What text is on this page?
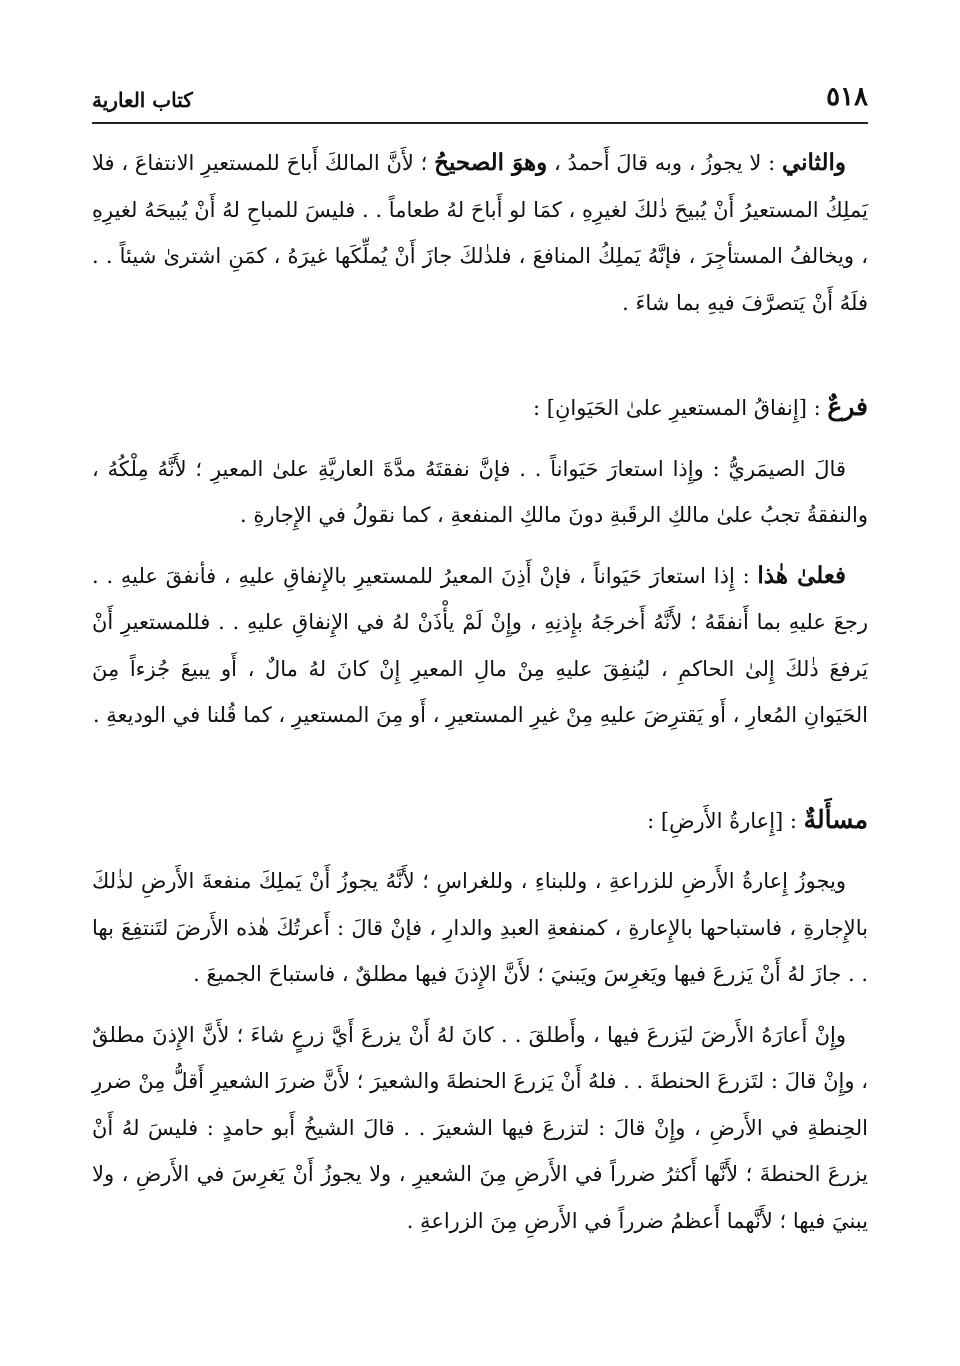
٥١٨
كتاب العارية

والثاني : لا يجوزُ ، وبه قالَ أَحمدُ ، وهوَ الصحيحُ ؛ لأَنَّ المالكَ أَباحَ للمستعيرِ الانتفاعَ ، فلا يَملِكُ المستعيرُ أَنْ يُبيحَ ذٰلكَ لغيرِهِ ، كمَا لو أَباحَ لهُ طعاماً . . فليسَ للمباحِ لهُ أَنْ يُبيحَهُ لغيرِهِ ، ويخالفُ المستأجِرَ ، فإنَّهُ يَملِكُ المنافعَ ، فلذٰلكَ جازَ أَنْ يُملِّكَها غيرَهُ ، كمَنِ اشترىٰ شيئاً . . فلَهُ أَنْ يَتصرَّفَ فيهِ بما شاءَ .

فرعٌ : [إِنفاقُ المستعيرِ علىٰ الحَيَوانِ] :

قالَ الصيمَريُّ : وإِذا استعارَ حَيَواناً . . فإنَّ نفقتَهُ مدَّةَ العاريَّةِ علىٰ المعيرِ ؛ لأَنَّهُ مِلْكُهُ ، والنفقةُ تجبُ علىٰ مالكِ الرقَبةِ دونَ مالكِ المنفعةِ ، كما نقولُ في الإِجارةِ .

فعلىٰ هٰذا : إِذا استعارَ حَيَواناً ، فإنْ أَذِنَ المعيرُ للمستعيرِ بالإِنفاقِ عليهِ ، فأنفقَ عليهِ . . رجعَ عليهِ بما أَنفقَهُ ؛ لأَنَّهُ أَخرجَهُ بإِذنِهِ ، وإِنْ لَمْ يأْذَنْ لهُ في الإِنفاقِ عليهِ . . فللمستعيرِ أَنْ يَرفعَ ذٰلكَ إِلىٰ الحاكمِ ، ليُنفِقَ عليهِ مِنْ مالِ المعيرِ إِنْ كانَ لهُ مالٌ ، أَو يبيعَ جُزءاً مِنَ الحَيَوانِ المُعارِ ، أَو يَقترِضَ عليهِ مِنْ غيرِ المستعيرِ ، أَو مِنَ المستعيرِ ، كما قُلنا في الوديعةِ .

مسأَلةٌ : [إِعارةُ الأَرضِ] :

ويجوزُ إِعارةُ الأَرضِ للزراعةِ ، وللبناءِ ، وللغراسِ ؛ لأَنَّهُ يجوزُ أَنْ يَملِكَ منفعةَ الأَرضِ لذٰلكَ بالإِجارةِ ، فاستباحها بالإِعارةِ ، كمنفعةِ العبدِ والدارِ ، فإنْ قالَ : أَعرتُكَ هٰذه الأَرضَ لتَنتفِعَ بها . . جازَ لهُ أَنْ يَزرعَ فيها ويَغرِسَ ويَبنيَ ؛ لأَنَّ الإِذنَ فيها مطلقٌ ، فاستباحَ الجميعَ .

وإِنْ أَعارَهُ الأَرضَ ليَزرعَ فيها ، وأَطلقَ . . كانَ لهُ أَنْ يزرعَ أَيَّ زرعٍ شاءَ ؛ لأَنَّ الإِذنَ مطلقٌ ، وإِنْ قالَ : لتَزرعَ الحنطةَ . . فلهُ أَنْ يَزرعَ الحنطةَ والشعيرَ ؛ لأَنَّ ضررَ الشعيرِ أَقلُّ مِنْ ضررِ الحِنطةِ في الأَرضِ ، وإِنْ قالَ : لتزرعَ فيها الشعيرَ . . قالَ الشيخُ أَبو حامدٍ : فليسَ لهُ أَنْ يزرعَ الحنطةَ ؛ لأَنَّها أَكثرُ ضرراً في الأَرضِ مِنَ الشعيرِ ، ولا يجوزُ أَنْ يَغرِسَ في الأَرضِ ، ولا يبنيَ فيها ؛ لأَنَّهما أَعظمُ ضرراً في الأَرضِ مِنَ الزراعةِ .
